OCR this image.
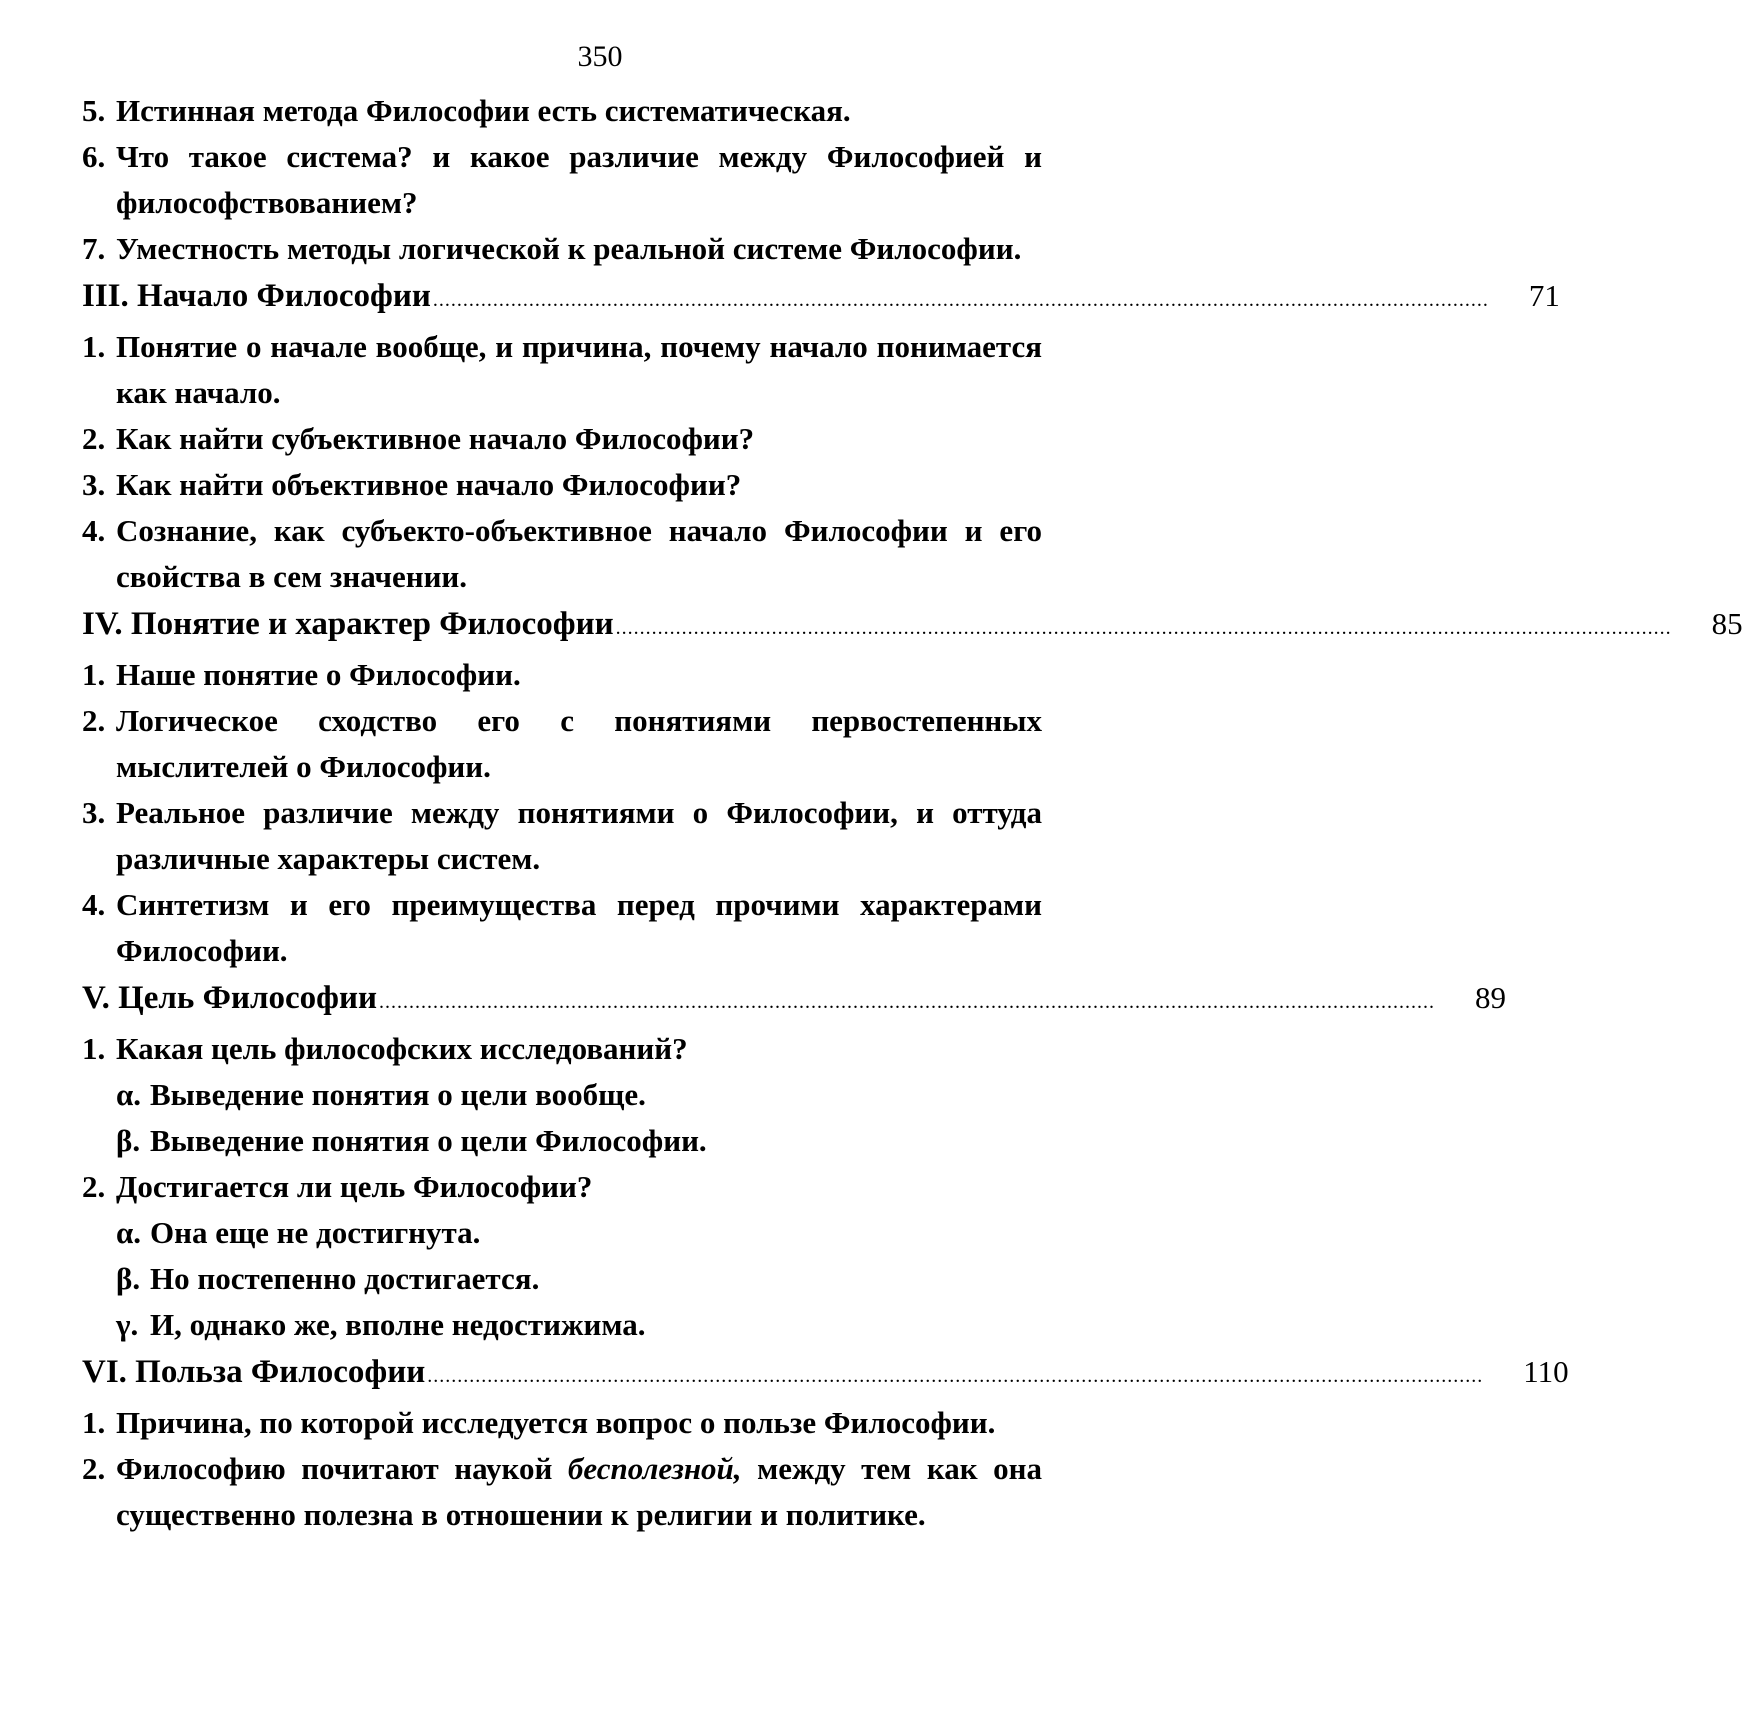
350
5. Истинная метода Философии есть систематическая.
6. Что такое система? и какое различие между Философией и философствованием?
7. Уместность методы логической к реальной системе Философии.
III. Начало Философии ................................................................................................................................................................................ 71
1. Понятие о начале вообще, и причина, почему начало понимается как начало.
2. Как найти субъективное начало Философии?
3. Как найти объективное начало Философии?
4. Сознание, как субъекто-объективное начало Философии и его свойства в сем значении.
IV. Понятие и характер Философии ................................................................................................................................................................................ 85
1. Наше понятие о Философии.
2. Логическое сходство его с понятиями первостепенных мыслителей о Философии.
3. Реальное различие между понятиями о Философии, и оттуда различные характеры систем.
4. Синтетизм и его преимущества перед прочими характерами Философии.
V. Цель Философии ................................................................................................................................................................................ 89
1. Какая цель философских исследований?
α. Выведение понятия о цели вообще.
β. Выведение понятия о цели Философии.
2. Достигается ли цель Философии?
α. Она еще не достигнута.
β. Но постепенно достигается.
γ. И, однако же, вполне недостижима.
VI. Польза Философии ................................................................................................................................................................................ 110
1. Причина, по которой исследуется вопрос о пользе Философии.
2. Философию почитают наукой бесполезной, между тем как она существенно полезна в отношении к религии и политике.
